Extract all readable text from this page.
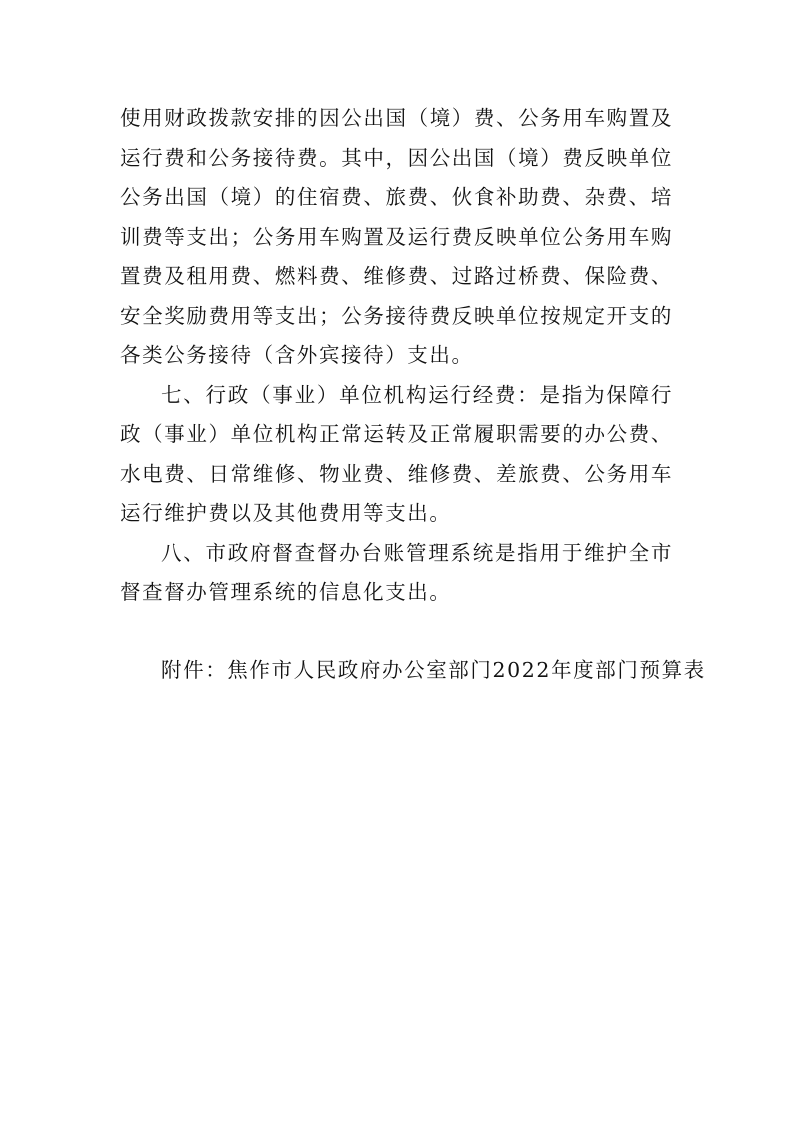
使用财政拨款安排的因公出国（境）费、公务用车购置及运行费和公务接待费。其中，因公出国（境）费反映单位公务出国（境）的住宿费、旅费、伙食补助费、杂费、培训费等支出；公务用车购置及运行费反映单位公务用车购置费及租用费、燃料费、维修费、过路过桥费、保险费、安全奖励费用等支出；公务接待费反映单位按规定开支的各类公务接待（含外宾接待）支出。

七、行政（事业）单位机构运行经费：是指为保障行政（事业）单位机构正常运转及正常履职需要的办公费、水电费、日常维修、物业费、维修费、差旅费、公务用车运行维护费以及其他费用等支出。

八、市政府督查督办台账管理系统是指用于维护全市督查督办管理系统的信息化支出。

附件：焦作市人民政府办公室部门2022年度部门预算表
